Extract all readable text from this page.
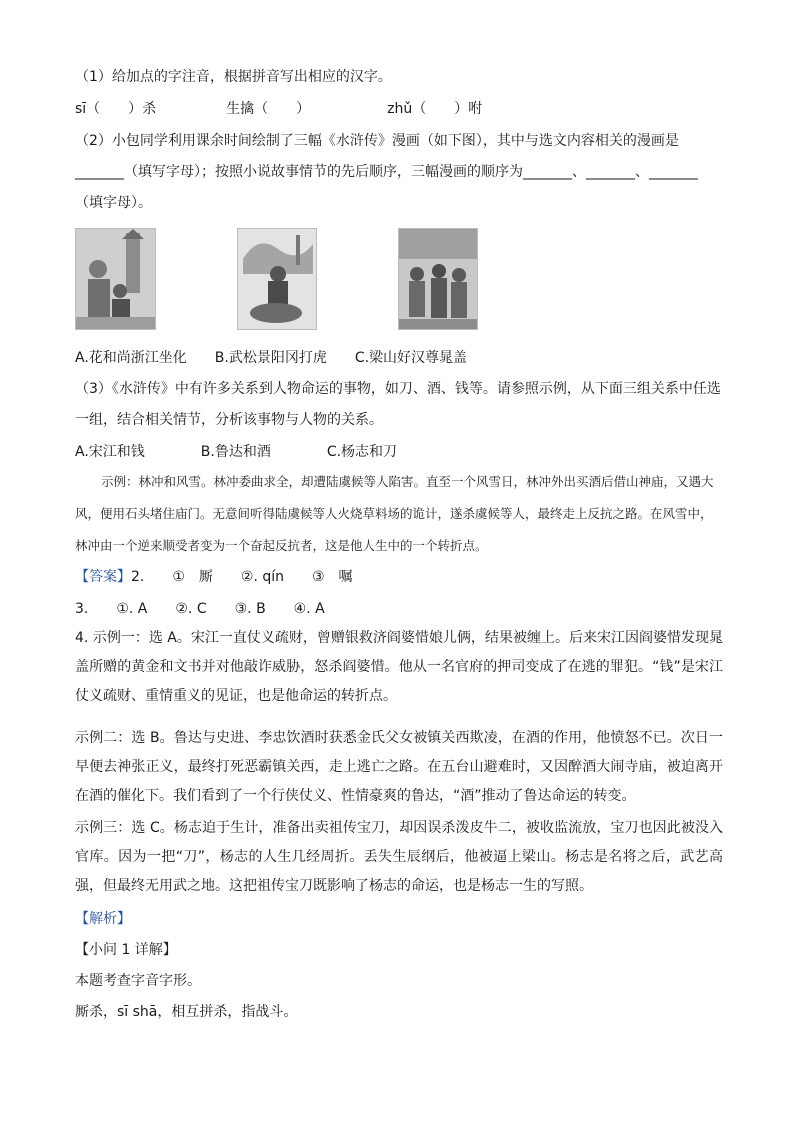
（1）给加点的字注音，根据拼音写出相应的汉字。
sī（　　）杀　　　　　生擒（　　）　　　　　　zhǔ（　　）咐
（2）小包同学利用课余时间绘制了三幅《水浒传》漫画（如下图），其中与选文内容相关的漫画是
_______（填写字母）；按照小说故事情节的先后顺序，三幅漫画的顺序为_______、_______、_______
（填字母）。
A.花和尚浙江坐化　　B.武松景阳冈打虎　　C.梁山好汉尊晁盖
（3）《水浒传》中有许多关系到人物命运的事物，如刀、酒、钱等。请参照示例，从下面三组关系中任选
一组，结合相关情节，分析该事物与人物的关系。
A.宋江和钱　　　　B.鲁达和酒　　　　C.杨志和刀
示例：林冲和风雪。林冲委曲求全，却遭陆虞候等人陷害。直至一个风雪日，林冲外出买酒后借山神庙，又遇大风，便用石头堵住庙门。无意间听得陆虞候等人火烧草料场的诡计，遂杀虞候等人，最终走上反抗之路。在风雪中，林冲由一个逆来顺受者变为一个奋起反抗者，这是他人生中的一个转折点。
【答案】2.　　①　厮　　②. qín　　③　嘱
3.　　①. A　　②. C　　③. B　　④. A
4. 示例一：选 A。宋江一直仗义疏财，曾赠银救济阎婆惜娘儿俩，结果被缠上。后来宋江因阎婆惜发现晁盖所赠的黄金和文书并对他敲诈威胁，怒杀阎婆惜。他从一名官府的押司变成了在逃的罪犯。“钱”是宋江仗义疏财、重情重义的见证，也是他命运的转折点。
示例二：选 B。鲁达与史进、李忠饮酒时获悉金氏父女被镇关西欺凌，在酒的作用，他愤怒不已。次日一早便去神张正义，最终打死恶霸镇关西，走上逃亡之路。在五台山避难时，又因醉酒大闹寺庙，被迫离开在酒的催化下。我们看到了一个行侠仗义、性情豪爽的鲁达，“酒”推动了鲁达命运的转变。
示例三：选 C。杨志迫于生计，准备出卖祖传宝刀，却因误杀泼皮牛二，被收监流放，宝刀也因此被没入官库。因为一把“刀”，杨志的人生几经周折。丢失生辰纲后，他被逼上梁山。杨志是名将之后，武艺高强，但最终无用武之地。这把祖传宝刀既影响了杨志的命运，也是杨志一生的写照。
【解析】
【小问 1 详解】
本题考查字音字形。
厮杀，sī shā，相互拼杀，指战斗。
